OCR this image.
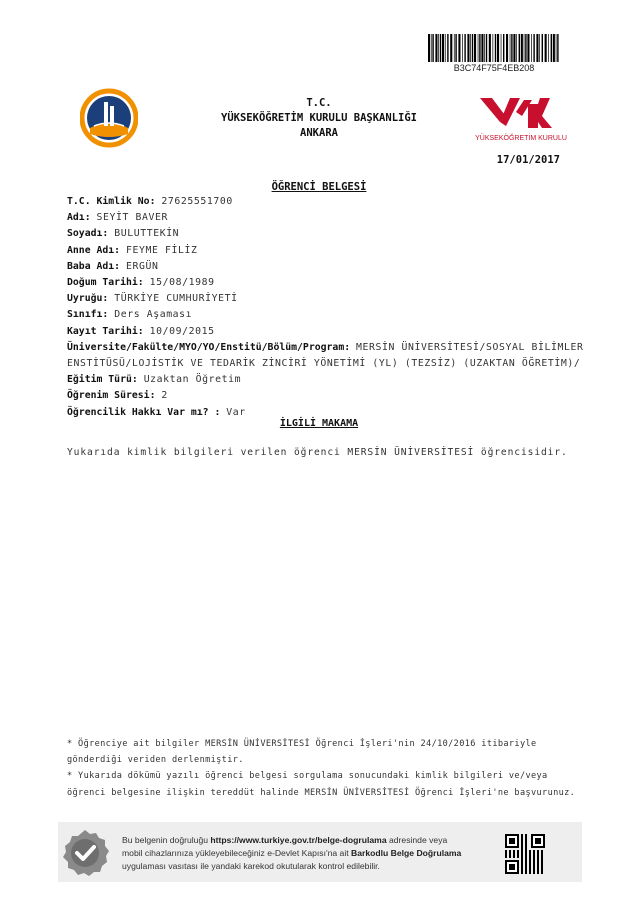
B3C74F75F4EB208
T.C.
YÜKSEKÖĞRETİM KURULU BAŞKANLIĞI
ANKARA	YÜKSEKÖĞRETİM KURULU
17/01/2017
ÖĞRENCİ BELGESİ
T.C. Kimlik No: 27625551700
Adı: SEYİT BAVER
Soyadı: BULUTTEKİN
Anne Adı: FEYME FİLİZ
Baba Adı: ERGÜN
Doğum Tarihi: 15/08/1989
Uyruğu: TÜRKİYE CUMHURİYETİ
Sınıfı: Ders Aşaması
Kayıt Tarihi: 10/09/2015
Üniversite/Fakülte/MYO/YO/Enstitü/Bölüm/Program: MERSİN ÜNİVERSİTESİ/SOSYAL BİLİMLER ENSTİTÜSÜ/LOJİSTİK VE TEDARİK ZİNCİRİ YÖNETİMİ (YL) (TEZSİZ) (UZAKTAN ÖĞRETİM)/
Eğitim Türü: Uzaktan Öğretim
Öğrenim Süresi: 2
Öğrencilik Hakkı Var mı? : Var
İLGİLİ MAKAMA
Yukarıda kimlik bilgileri verilen öğrenci MERSİN ÜNİVERSİTESİ öğrencisidir.
* Öğrenciye ait bilgiler MERSİN ÜNİVERSİTESİ Öğrenci İşleri'nin 24/10/2016 itibariyle gönderdiği veriden derlenmiştir.
* Yukarıda dökümü yazılı öğrenci belgesi sorgulama sonucundaki kimlik bilgileri ve/veya öğrenci belgesine ilişkin tereddüt halinde MERSİN ÜNİVERSİTESİ Öğrenci İşleri'ne başvurunuz.
Bu belgenin doğruluğu https://www.turkiye.gov.tr/belge-dogrulama adresinde veya
mobil cihazlarınıza yükleyebileceğiniz e-Devlet Kapısı'na ait Barkodlu Belge Doğrulama
uygulaması vasıtası ile yandaki karekod okutularak kontrol edilebilir.
